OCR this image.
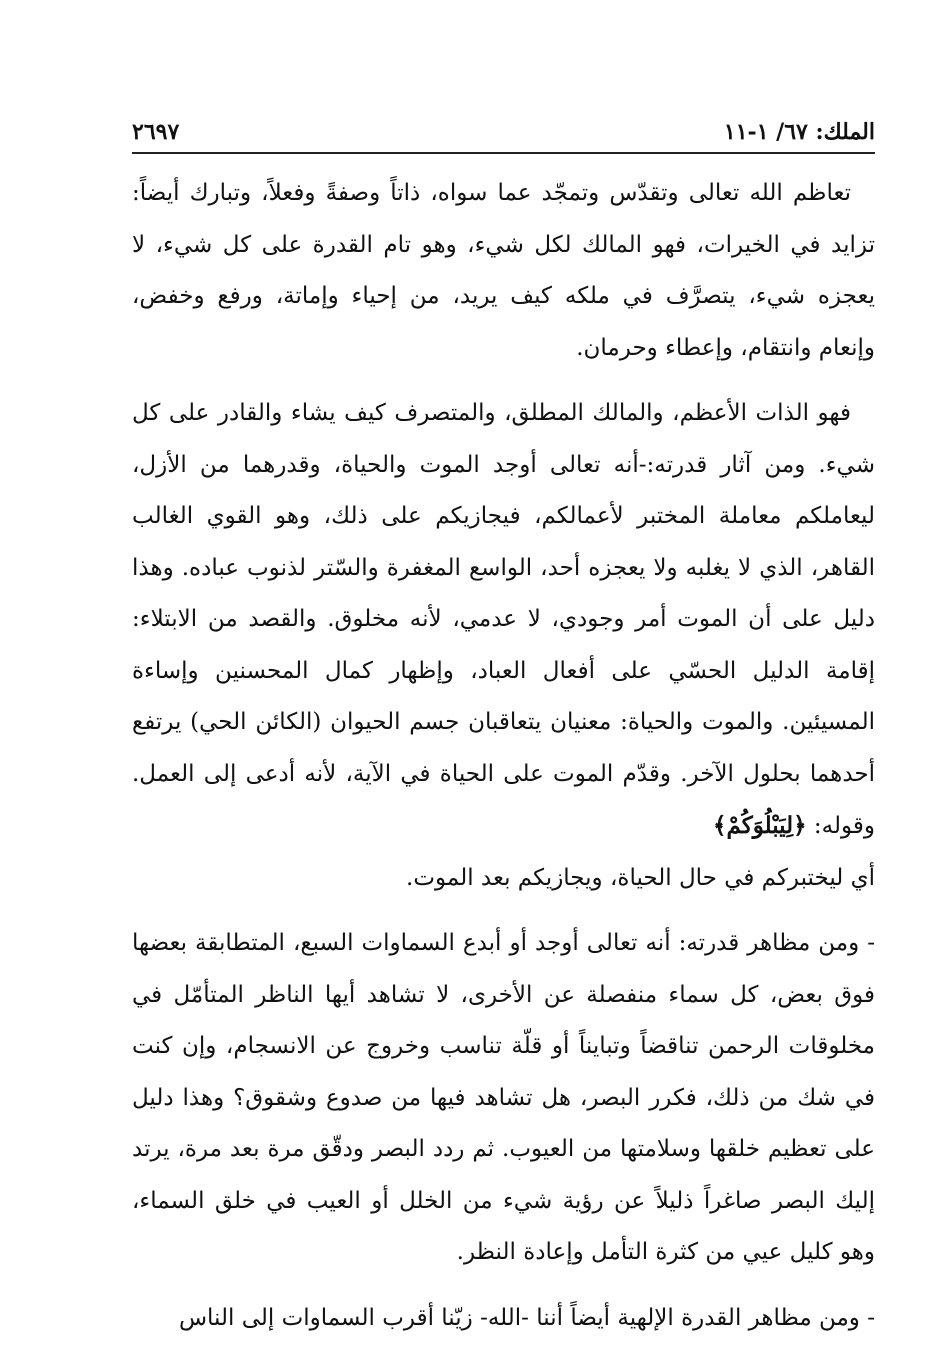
الملك: ٦٧/ ١-١١
٢٦٩٧

تعاظم الله تعالى وتقدّس وتمجّد عما سواه، ذاتاً وصفةً وفعلاً، وتبارك أيضاً: تزايد في الخيرات، فهو المالك لكل شيء، وهو تام القدرة على كل شيء، لا يعجزه شيء، يتصرَّف في ملكه كيف يريد، من إحياء وإماتة، ورفع وخفض، وإنعام وانتقام، وإعطاء وحرمان.

فهو الذات الأعظم، والمالك المطلق، والمتصرف كيف يشاء والقادر على كل شيء. ومن آثار قدرته:-أنه تعالى أوجد الموت والحياة، وقدرهما من الأزل، ليعاملكم معاملة المختبر لأعمالكم، فيجازيكم على ذلك، وهو القوي الغالب القاهر، الذي لا يغلبه ولا يعجزه أحد، الواسع المغفرة والسّتر لذنوب عباده. وهذا دليل على أن الموت أمر وجودي، لا عدمي، لأنه مخلوق. والقصد من الابتلاء: إقامة الدليل الحسّي على أفعال العباد، وإظهار كمال المحسنين وإساءة المسيئين. والموت والحياة: معنيان يتعاقبان جسم الحيوان (الكائن الحي) يرتفع أحدهما بحلول الآخر. وقدّم الموت على الحياة في الآية، لأنه أدعى إلى العمل. وقوله: ﴿لِيَبْلُوَكُمْ﴾
أي ليختبركم في حال الحياة، ويجازيكم بعد الموت.

- ومن مظاهر قدرته: أنه تعالى أوجد أو أبدع السماوات السبع، المتطابقة بعضها فوق بعض، كل سماء منفصلة عن الأخرى، لا تشاهد أيها الناظر المتأمّل في مخلوقات الرحمن تناقضاً وتبايناً أو قلّة تناسب وخروج عن الانسجام، وإن كنت في شك من ذلك، فكرر البصر، هل تشاهد فيها من صدوع وشقوق؟ وهذا دليل على تعظيم خلقها وسلامتها من العيوب. ثم ردد البصر ودقّق مرة بعد مرة، يرتد إليك البصر صاغراً ذليلاً عن رؤية شيء من الخلل أو العيب في خلق السماء، وهو كليل عيي من كثرة التأمل وإعادة النظر.

- ومن مظاهر القدرة الإلهية أيضاً أننا -الله- زيّنا أقرب السماوات إلى الناس
